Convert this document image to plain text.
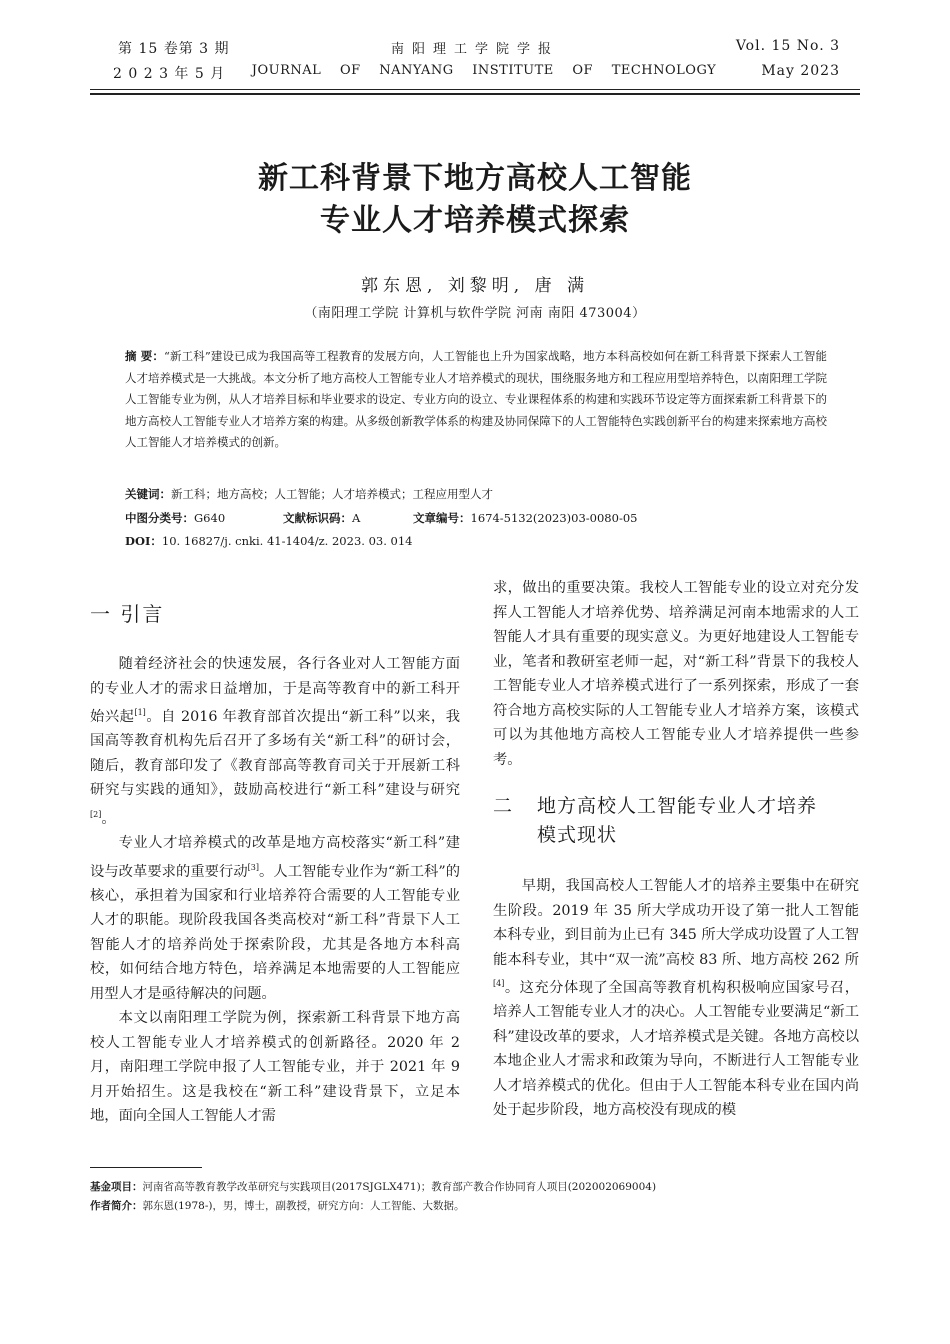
第 15 卷第 3 期
2 0 2 3 年 5 月
南阳理工学院学报
JOURNAL OF NANYANG INSTITUTE OF TECHNOLOGY
Vol. 15 No. 3
May 2023
新工科背景下地方高校人工智能
专业人才培养模式探索
郭东恩, 刘黎明, 唐 满
（南阳理工学院 计算机与软件学院 河南 南阳 473004）
摘 要：“新工科”建设已成为我国高等工程教育的发展方向，人工智能也上升为国家战略，地方本科高校如何在新工科背景下探索人工智能人才培养模式是一大挑战。本文分析了地方高校人工智能专业人才培养模式的现状，围绕服务地方和工程应用型培养特色，以南阳理工学院人工智能专业为例，从人才培养目标和毕业要求的设定、专业方向的设立、专业课程体系的构建和实践环节设定等方面探索新工科背景下的地方高校人工智能专业人才培养方案的构建。从多级创新教学体系的构建及协同保障下的人工智能特色实践创新平台的构建来探索地方高校人工智能人才培养模式的创新。
关键词：新工科；地方高校；人工智能；人才培养模式；工程应用型人才
中图分类号：G640	文献标识码：A	文章编号：1674-5132(2023)03-0080-05
DOI：10. 16827/j. cnki. 41-1404/z. 2023. 03. 014
一 引言

随着经济社会的快速发展，各行各业对人工智能方面的专业人才的需求日益增加，于是高等教育中的新工科开始兴起[1]。自 2016 年教育部首次提出“新工科”以来，我国高等教育机构先后召开了多场有关“新工科”的研讨会，随后，教育部印发了《教育部高等教育司关于开展新工科研究与实践的通知》，鼓励高校进行“新工科”建设与研究[2]。

专业人才培养模式的改革是地方高校落实“新工科”建设与改革要求的重要行动[3]。人工智能专业作为“新工科”的核心，承担着为国家和行业培养符合需要的人工智能专业人才的职能。现阶段我国各类高校对“新工科”背景下人工智能人才的培养尚处于探索阶段，尤其是各地方本科高校，如何结合地方特色，培养满足本地需要的人工智能应用型人才是亟待解决的问题。

本文以南阳理工学院为例，探索新工科背景下地方高校人工智能专业人才培养模式的创新路径。2020 年 2 月，南阳理工学院申报了人工智能专业，并于 2021 年 9 月开始招生。这是我校在“新工科”建设背景下，立足本地，面向全国人工智能人才需

求，做出的重要决策。我校人工智能专业的设立对充分发挥人工智能人才培养优势、培养满足河南本地需求的人工智能人才具有重要的现实意义。为更好地建设人工智能专业，笔者和教研室老师一起，对“新工科”背景下的我校人工智能专业人才培养模式进行了一系列探索，形成了一套符合地方高校实际的人工智能专业人才培养方案，该模式可以为其他地方高校人工智能专业人才培养提供一些参考。

二 地方高校人工智能专业人才培养
模式现状

早期，我国高校人工智能人才的培养主要集中在研究生阶段。2019 年 35 所大学成功开设了第一批人工智能本科专业，到目前为止已有 345 所大学成功设置了人工智能本科专业，其中“双一流”高校 83 所、地方高校 262 所[4]。这充分体现了全国高等教育机构积极响应国家号召，培养人工智能专业人才的决心。人工智能专业要满足“新工科”建设改革的要求，人才培养模式是关键。各地方高校以本地企业人才需求和政策为导向，不断进行人工智能专业人才培养模式的优化。但由于人工智能本科专业在国内尚处于起步阶段，地方高校没有现成的模

基金项目：河南省高等教育教学改革研究与实践项目(2017SJGLX471)；教育部产教合作协同育人项目(202002069004)
作者简介：郭东恩(1978-)，男，博士，副教授，研究方向：人工智能、大数据。
